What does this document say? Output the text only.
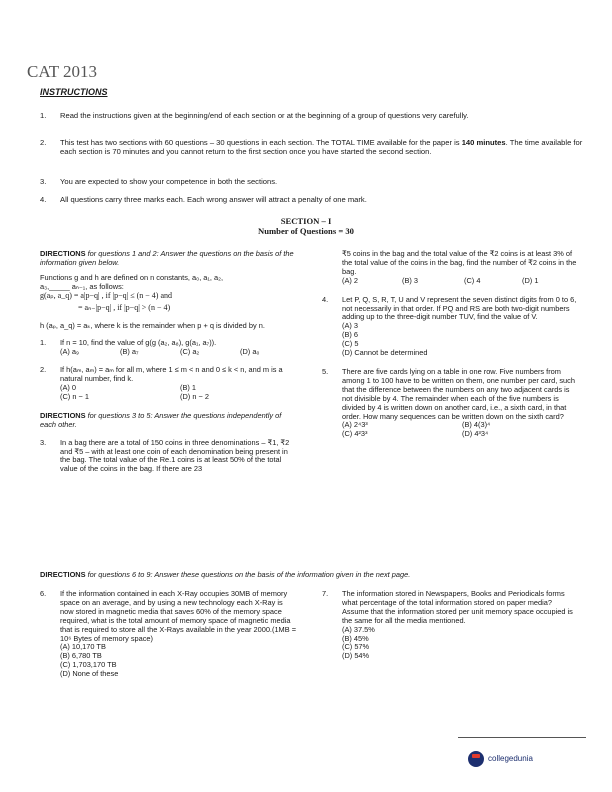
CAT 2013
INSTRUCTIONS
1.	Read the instructions given at the beginning/end of each section or at the beginning of a group of questions very carefully.
2.	This test has two sections with 60 questions – 30 questions in each section. The TOTAL TIME available for the paper is 140 minutes. The time available for each section is 70 minutes and you cannot return to the first section once you have started the second section.
3.	You are expected to show your competence in both the sections.
4.	All questions carry three marks each. Each wrong answer will attract a penalty of one mark.
SECTION – I
Number of Questions = 30

DIRECTIONS for questions 1 and 2: Answer the questions on the basis of the information given below.

Functions g and h are defined on n constants, a₀, a₁, a₂,

a₃,_____ aₙ₋₁, as follows:

g(aₚ, a_q) = a|p−q| , if |p−q| ≤ (n − 4) and

= aₙ₋|p−q| , if |p−q| > (n − 4)

h (aₚ, a_q) = aₖ, where k is the remainder when p + q is divided by n.

1. If n = 10, find the value of g(g (a₂, a₈), g(a₁, a₇)).

(A) a₉	(B) a₇	(C) a₂	(D) a₀
2. If h(aₘ, aₘ) = aₘ for all m, where 1 ≤ m < n and 0 ≤ k < n, and m is a natural number, find k.

(A) 0	(B) 1
(C) n − 1	(D) n − 2

DIRECTIONS for questions 3 to 5: Answer the questions independently of each other.

3. In a bag there are a total of 150 coins in three denominations – ₹1, ₹2 and ₹5 – with at least one coin of each denomination being present in the bag. The total value of the Re.1 coins is at least 50% of the total value of the coins in the bag. If there are 23

₹5 coins in the bag and the total value of the ₹2 coins is at least 3% of the total value of the coins in the bag, find the number of ₹2 coins in the bag.

(A) 2	(B) 3	(C) 4	(D) 1
4. Let P, Q, S, R, T, U and V represent the seven distinct digits from 0 to 6, not necessarily in that order. If PQ and RS are both two-digit numbers adding up to the three-digit number TUV, find the value of V.

(A) 3

(B) 6

(C) 5

(D) Cannot be determined

5. There are five cards lying on a table in one row. Five numbers from among 1 to 100 have to be written on them, one number per card, such that the difference between the numbers on any two adjacent cards is not divisible by 4. The remainder when each of the five numbers is divided by 4 is written down on another card, i.e., a sixth card, in that order. How many sequences can be written down on the sixth card?

(A) 2⁴3³	(B) 4(3)⁴
(C) 4²3³	(D) 4³3⁴

DIRECTIONS for questions 6 to 9: Answer these questions on the basis of the information given in the next page.

6. If the information contained in each X-Ray occupies 30MB of memory space on an average, and by using a new technology each X-Ray is now stored in magnetic media that saves 60% of the memory space required, what is the total amount of memory space of magnetic media that is required to store all the X-Rays available in the year 2000.(1MB = 10⁶ Bytes of memory space)

(A) 10,170 TB

(B) 6,780 TB

(C) 1,703,170 TB

(D) None of these

7. The information stored in Newspapers, Books and Periodicals forms what percentage of the total information stored on paper media? Assume that the information stored per unit memory space occupied is the same for all the media mentioned.

(A) 37.5%

(B) 45%

(C) 57%

(D) 54%

collegedunia
